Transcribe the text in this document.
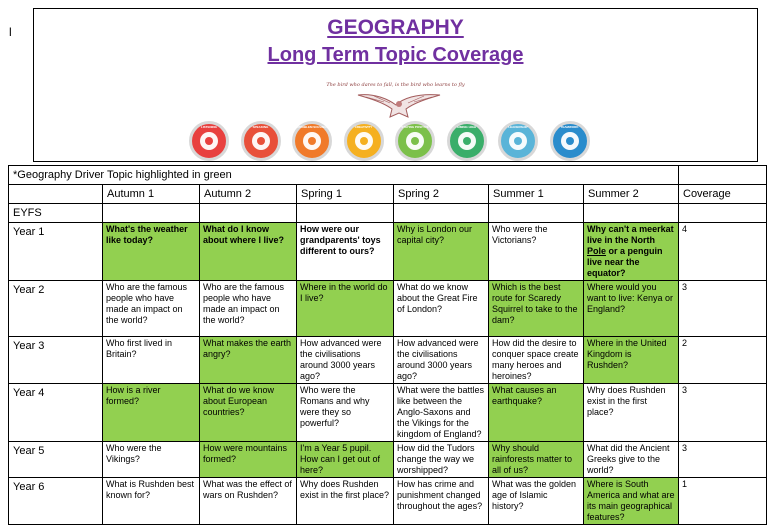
l	GEOGRAPHY
Long Term Topic Coverage
The bird who dares to fall, is the bird who learns to fly
LISTENING	SPEAKING	PROBLEM SOLVING	CREATIVITY	STAYING POSITIVE	AIMING HIGH	LEADERSHIP	TEAMWORK
*Geography Driver Topic highlighted in green							
	Autumn 1	Autumn 2	Spring 1	Spring 2	Summer 1	Summer 2	Coverage
EYFS							
Year 1	What's the weather like today?	What do I know about where I live?	How were our grandparents' toys different to ours?	Why is London our capital city?	Who were the Victorians?	Why can't a meerkat live in the North Pole or a penguin live near the equator?	4
Year 2	Who are the famous people who have made an impact on the world?	Who are the famous people who have made an impact on the world?	Where in the world do I live?	What do we know about the Great Fire of London?	Which is the best route for Scaredy Squirrel to take to the dam?	Where would you want to live: Kenya or England?	3
Year 3	Who first lived in Britain?	What makes the earth angry?	How advanced were the civilisations around 3000 years ago?	How advanced were the civilisations around 3000 years ago?	How did the desire to conquer space create many heroes and heroines?	Where in the United Kingdom is Rushden?	2
Year 4	How is a river formed?	What do we know about European countries?	Who were the Romans and why were they so powerful?	What were the battles like between the Anglo-Saxons and the Vikings for the kingdom of England?	What causes an earthquake?	Why does Rushden exist in the first place?	3
Year 5	Who were the Vikings?	How were mountains formed?	I'm a Year 5 pupil. How can I get out of here?	How did the Tudors change the way we worshipped?	Why should rainforests matter to all of us?	What did the Ancient Greeks give to the world?	3
Year 6	What is Rushden best known for?	What was the effect of wars on Rushden?	Why does Rushden exist in the first place?	How has crime and punishment changed throughout the ages?	What was the golden age of Islamic history?	Where is South America and what are its main geographical features?	1
